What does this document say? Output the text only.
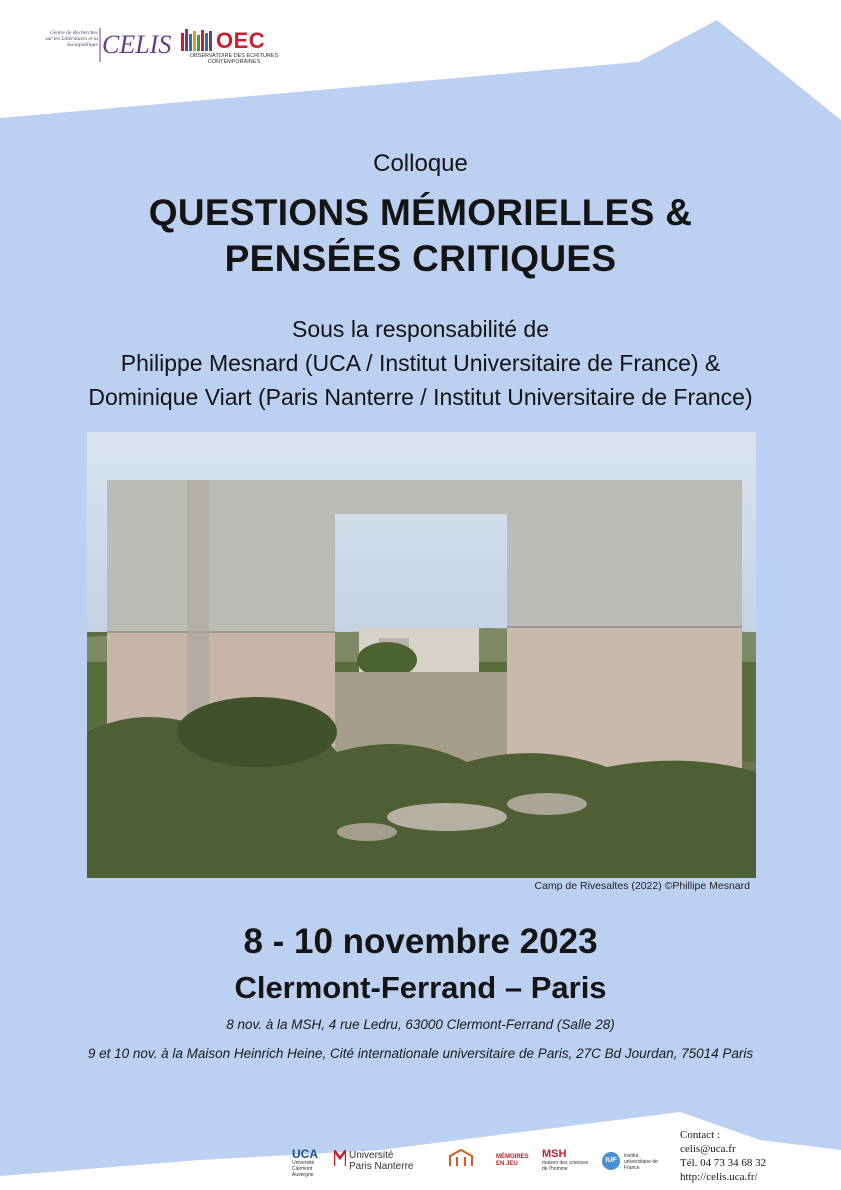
Centre de Recherches sur les Littératures et la Sociopoétique CELIS OEC
OBSERVATOIRE DES ÉCRITURES CONTEMPORAINES
Colloque
QUESTIONS MÉMORIELLES &
PENSÉES CRITIQUES
Sous la responsabilité de
Philippe Mesnard (UCA / Institut Universitaire de France) &
Dominique Viart (Paris Nanterre / Institut Universitaire de France)
Camp de Rivesaltes (2022) ©Phillipe Mesnard
8 - 10 novembre 2023
Clermont-Ferrand – Paris
8 nov. à la MSH, 4 rue Ledru, 63000 Clermont-Ferrand (Salle 28)
9 et 10 nov. à la Maison Heinrich Heine, Cité internationale universitaire de Paris, 27C Bd Jourdan, 75014 Paris
UCA
Université Clermont Auvergne
Université
Paris Nanterre
MÉMOIRES EN JEU
MSH
maison des sciences de l'homme
IUF
institut universitaire de France
Contact :
celis@uca.fr
Tél. 04 73 34 68 32
http://celis.uca.fr/
